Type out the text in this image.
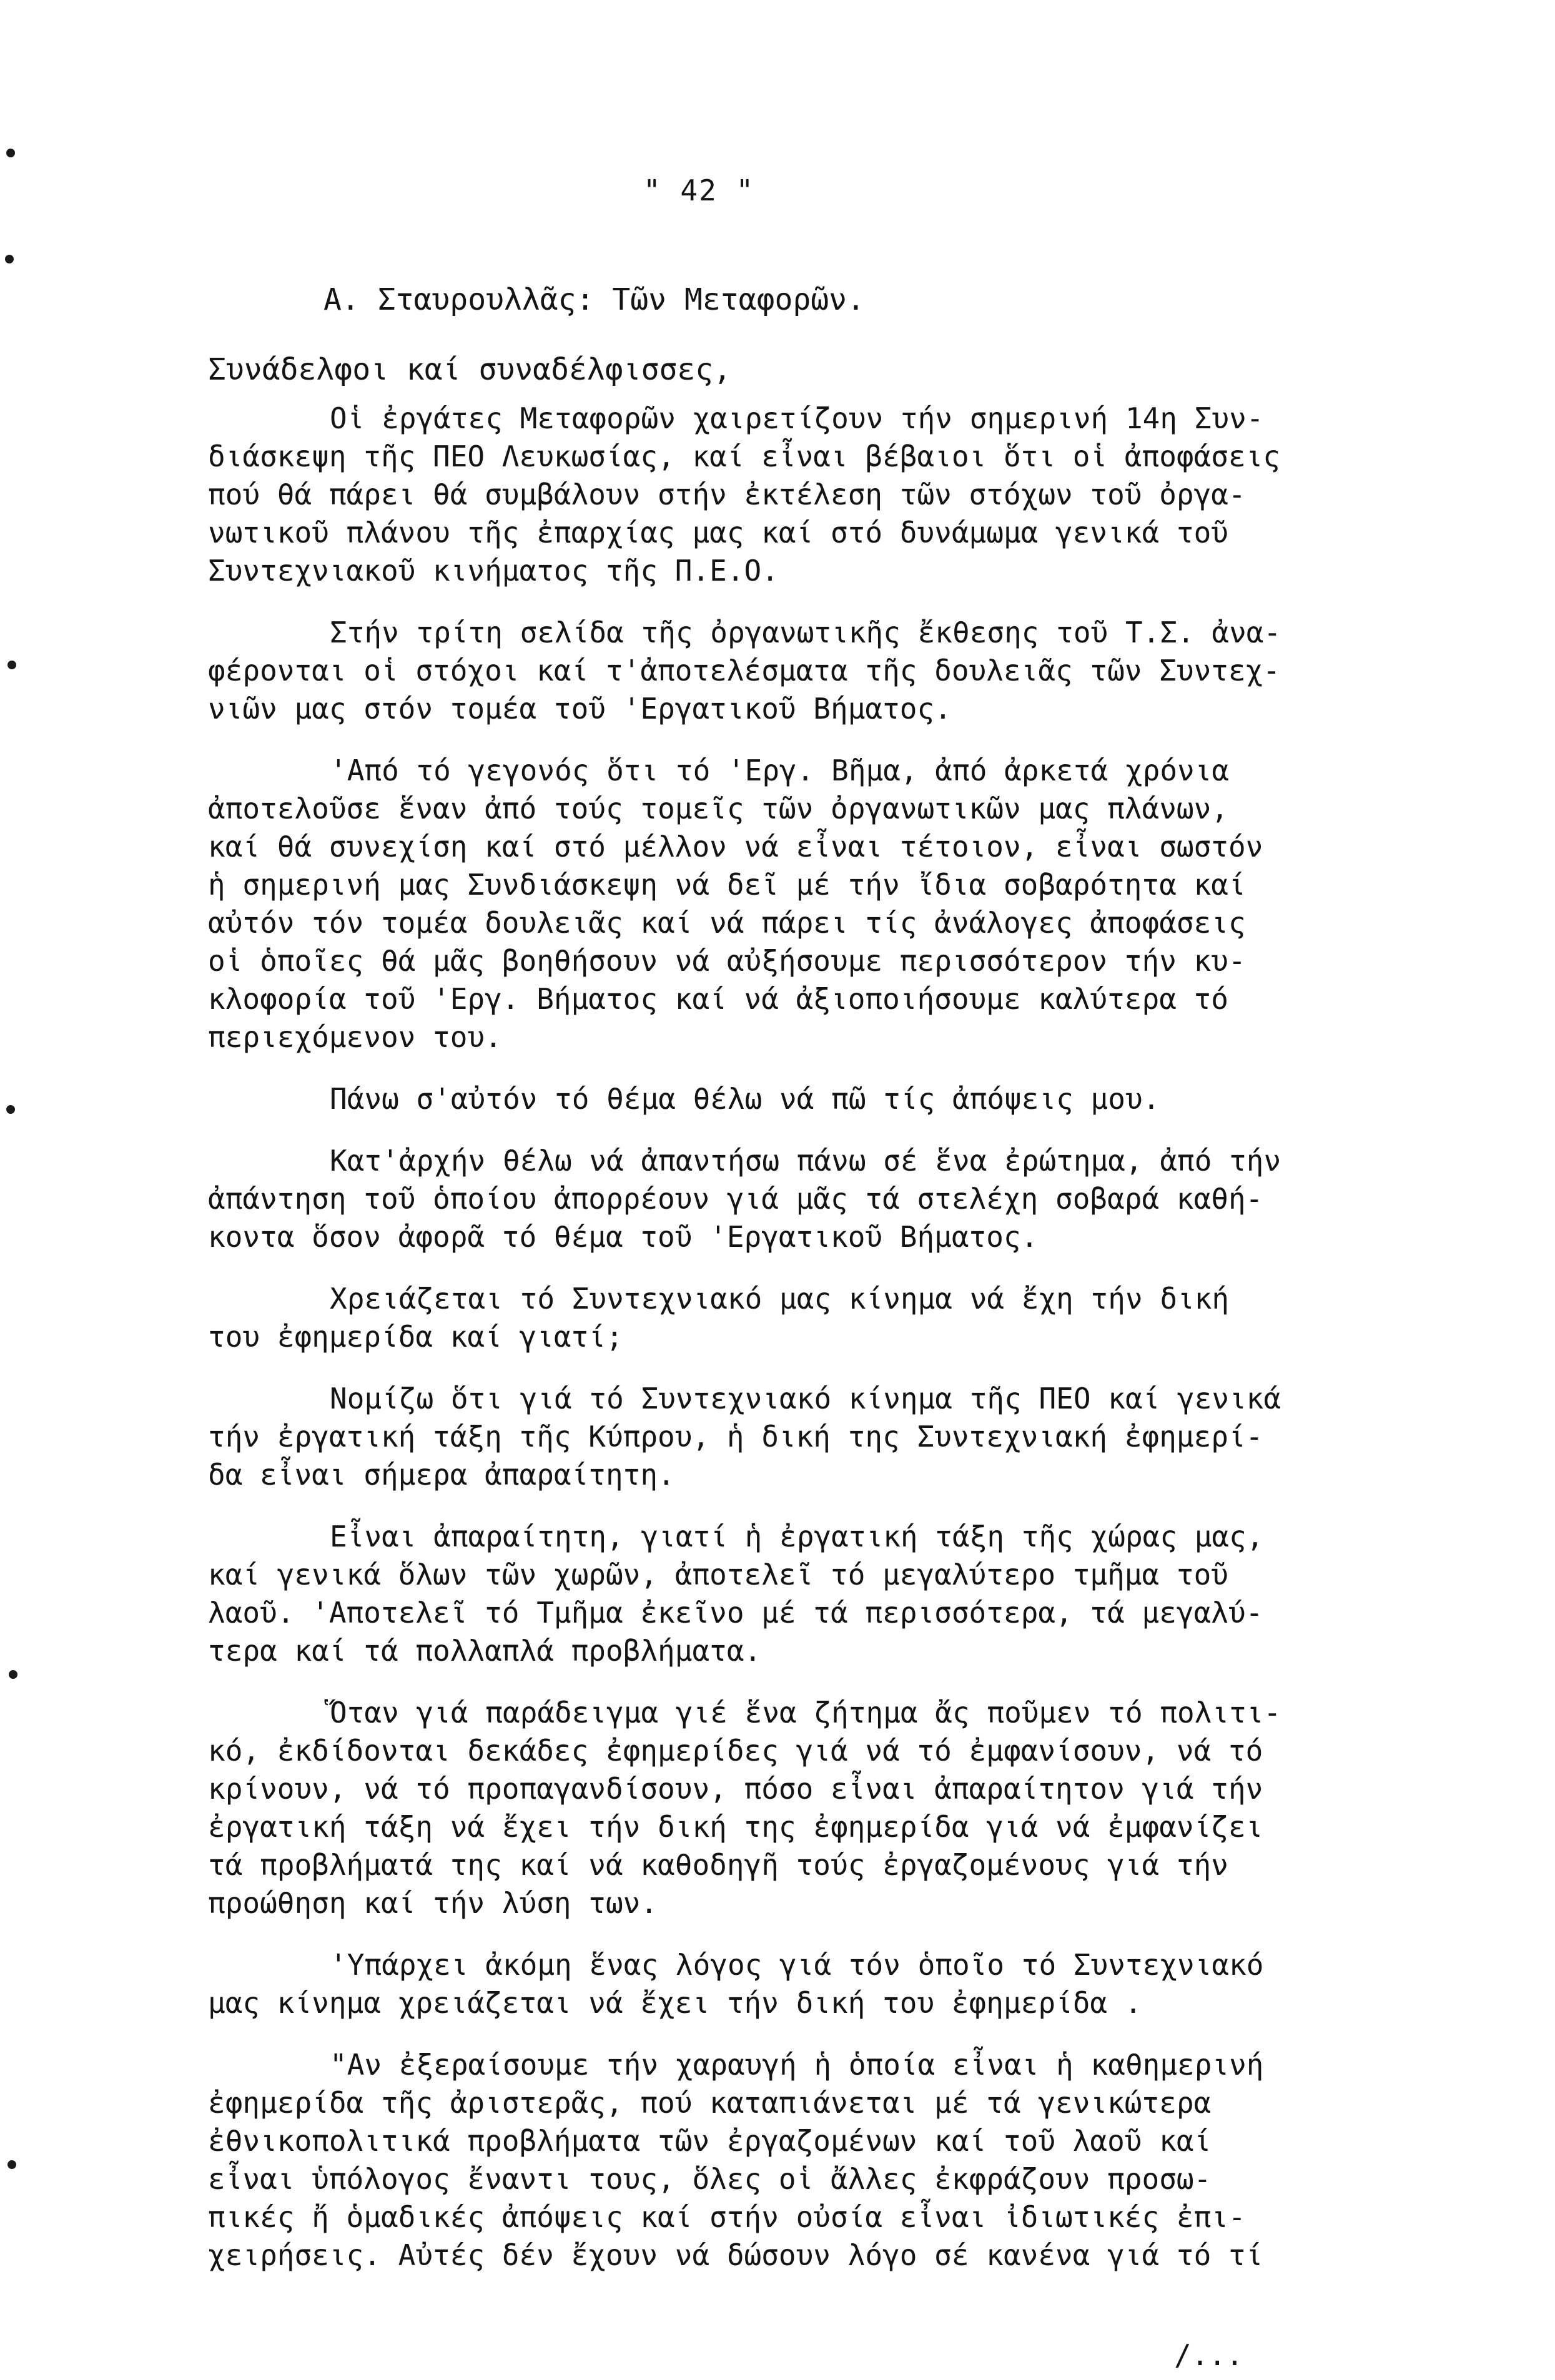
" 42 "
Α. Σταυρουλλᾶς: Τῶν Μεταφορῶν.
Συνάδελφοι καί συναδέλφισσες,
Οἱ ἐργάτες Μεταφορῶν χαιρετίζουν τήν σημερινή 14η Συν-
διάσκεψη τῆς ΠΕΟ Λευκωσίας, καί εἶναι βέβαιοι ὅτι οἱ ἀποφάσεις
πού θά πάρει θά συμβάλουν στήν ἐκτέλεση τῶν στόχων τοῦ ὀργα-
νωτικοῦ πλάνου τῆς ἐπαρχίας μας καί στό δυνάμωμα γενικά τοῦ
Συντεχνιακοῦ κινήματος τῆς Π.Ε.Ο.
Στήν τρίτη σελίδα τῆς ὀργανωτικῆς ἔκθεσης τοῦ Τ.Σ. ἀνα-
φέρονται οἱ στόχοι καί τ'ἀποτελέσματα τῆς δουλειᾶς τῶν Συντεχ-
νιῶν μας στόν τομέα τοῦ 'Εργατικοῦ Βήματος.
'Από τό γεγονός ὅτι τό 'Εργ. Βῆμα, ἀπό ἀρκετά χρόνια
ἀποτελοῦσε ἕναν ἀπό τούς τομεῖς τῶν ὀργανωτικῶν μας πλάνων,
καί θά συνεχίση καί στό μέλλον νά εἶναι τέτοιον, εἶναι σωστόν
ἡ σημερινή μας Συνδιάσκεψη νά δεῖ μέ τήν ἴδια σοβαρότητα καί
αὐτόν τόν τομέα δουλειᾶς καί νά πάρει τίς ἀνάλογες ἀποφάσεις
οἱ ὁποῖες θά μᾶς βοηθήσουν νά αὐξήσουμε περισσότερον τήν κυ-
κλοφορία τοῦ 'Εργ. Βήματος καί νά ἀξιοποιήσουμε καλύτερα τό
περιεχόμενον του.
Πάνω σ'αὐτόν τό θέμα θέλω νά πῶ τίς ἀπόψεις μου.
Κατ'ἀρχήν θέλω νά ἀπαντήσω πάνω σέ ἕνα ἐρώτημα, ἀπό τήν
ἀπάντηση τοῦ ὁποίου ἀπορρέουν γιά μᾶς τά στελέχη σοβαρά καθή-
κοντα ὅσον ἀφορᾶ τό θέμα τοῦ 'Εργατικοῦ Βήματος.
Χρειάζεται τό Συντεχνιακό μας κίνημα νά ἔχη τήν δική
του ἐφημερίδα καί γιατί;
Νομίζω ὅτι γιά τό Συντεχνιακό κίνημα τῆς ΠΕΟ καί γενικά
τήν ἐργατική τάξη τῆς Κύπρου, ἡ δική της Συντεχνιακή ἐφημερί-
δα εἶναι σήμερα ἀπαραίτητη.
Εἶναι ἀπαραίτητη, γιατί ἡ ἐργατική τάξη τῆς χώρας μας,
καί γενικά ὅλων τῶν χωρῶν, ἀποτελεῖ τό μεγαλύτερο τμῆμα τοῦ
λαοῦ. 'Αποτελεῖ τό Τμῆμα ἐκεῖνο μέ τά περισσότερα, τά μεγαλύ-
τερα καί τά πολλαπλά προβλήματα.
Ὅταν γιά παράδειγμα γιέ ἕνα ζήτημα ἄς ποῦμεν τό πολιτι-
κό, ἐκδίδονται δεκάδες ἐφημερίδες γιά νά τό ἐμφανίσουν, νά τό
κρίνουν, νά τό προπαγανδίσουν, πόσο εἶναι ἀπαραίτητον γιά τήν
ἐργατική τάξη νά ἔχει τήν δική της ἐφημερίδα γιά νά ἐμφανίζει
τά προβλήματά της καί νά καθοδηγῆ τούς ἐργαζομένους γιά τήν
προώθηση καί τήν λύση των.
'Υπάρχει ἀκόμη ἕνας λόγος γιά τόν ὁποῖο τό Συντεχνιακό
μας κίνημα χρειάζεται νά ἔχει τήν δική του ἐφημερίδα .
"Αν ἐξεραίσουμε τήν χαραυγή ἡ ὁποία εἶναι ἡ καθημερινή
ἐφημερίδα τῆς ἀριστερᾶς, πού καταπιάνεται μέ τά γενικώτερα
ἐθνικοπολιτικά προβλήματα τῶν ἐργαζομένων καί τοῦ λαοῦ καί
εἶναι ὑπόλογος ἔναντι τους, ὅλες οἱ ἄλλες ἐκφράζουν προσω-
πικές ἤ ὁμαδικές ἀπόψεις καί στήν οὐσία εἶναι ἰδιωτικές ἐπι-
χειρήσεις. Αὐτές δέν ἔχουν νά δώσουν λόγο σέ κανένα γιά τό τί
/...
